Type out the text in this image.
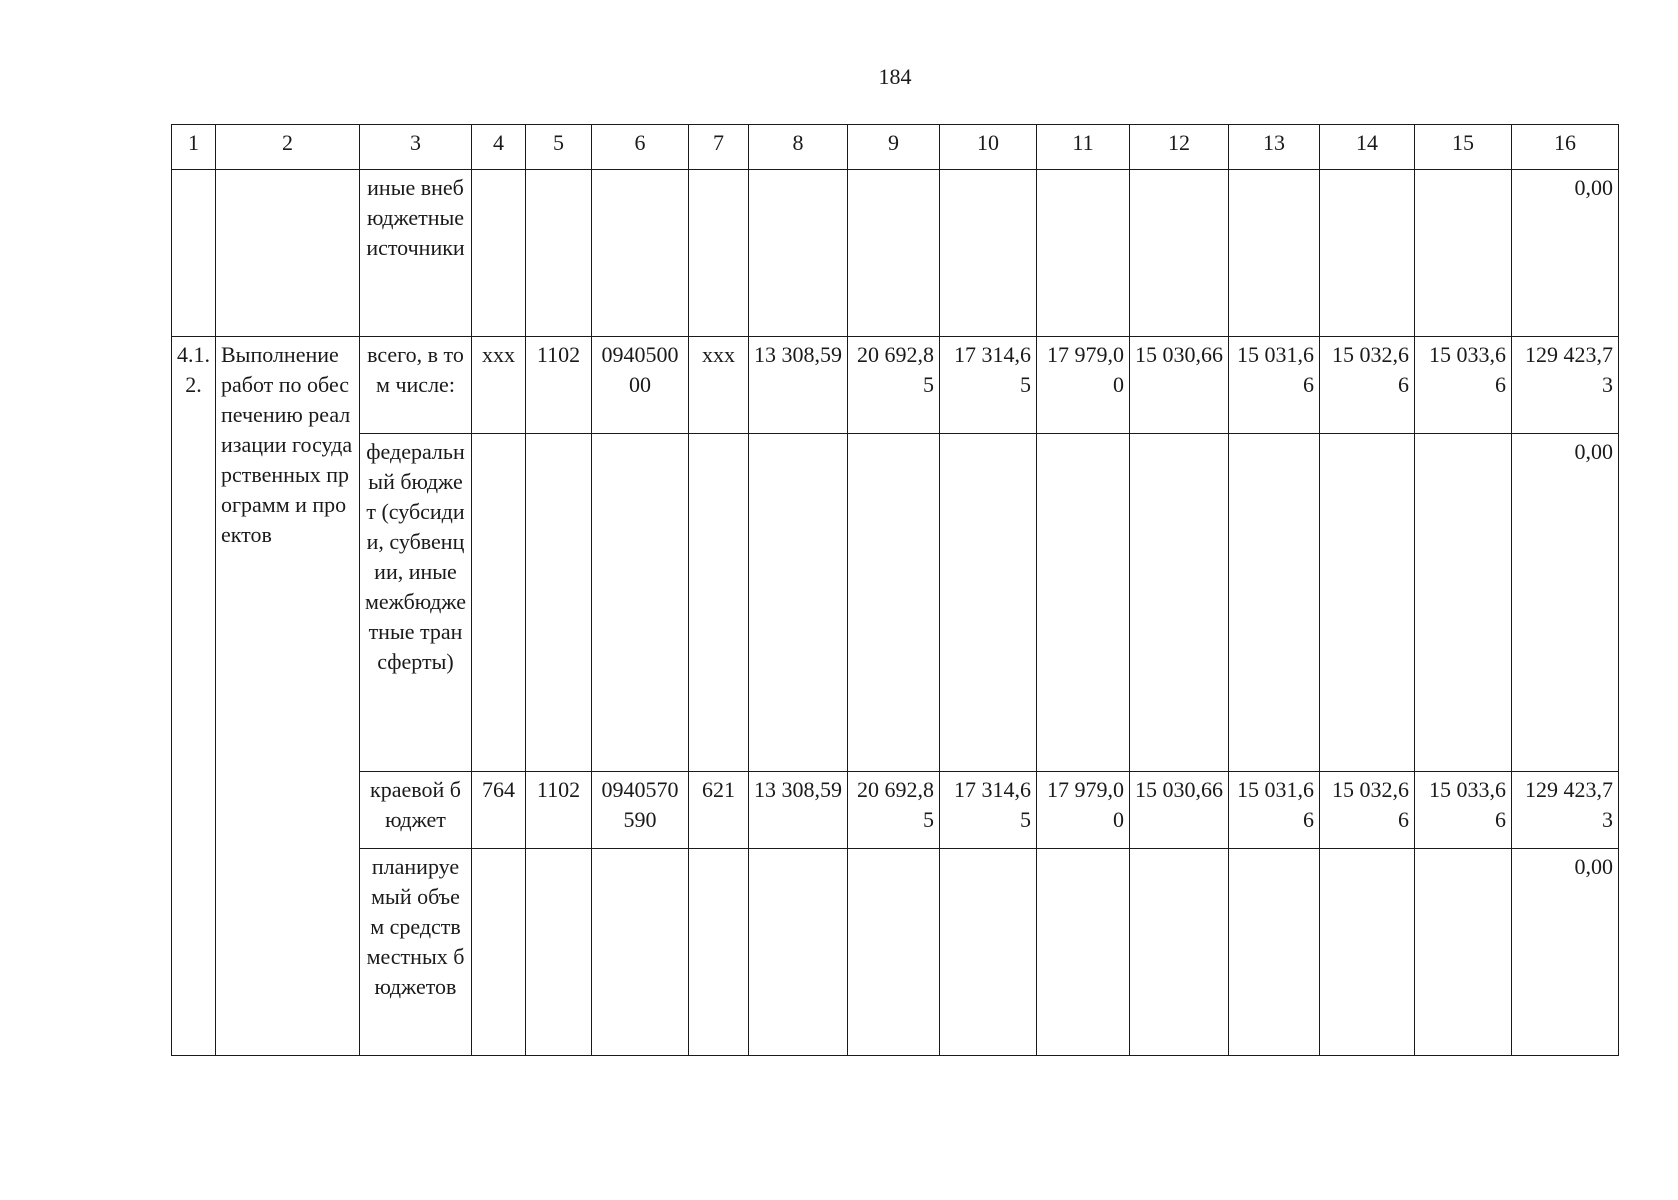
184
1	2	3	4	5	6	7	8	9	10	11	12	13	14	15	16
		иные внебюджетные источники													0,00
4.1.2.	Выполнение работ по обеспечению реализации государственных программ и проектов	всего, в том числе:	xxx	1102	094050000	xxx	13 308,59	20 692,85	17 314,65	17 979,00	15 030,66	15 031,66	15 032,66	15 033,66	129 423,73
		федеральный бюджет (субсидии, субвенции, иные межбюджетные трансферты)													0,00
		краевой бюджет	764	1102	0940570590	621	13 308,59	20 692,85	17 314,65	17 979,00	15 030,66	15 031,66	15 032,66	15 033,66	129 423,73
		планируемый объем средств местных бюджетов													0,00
